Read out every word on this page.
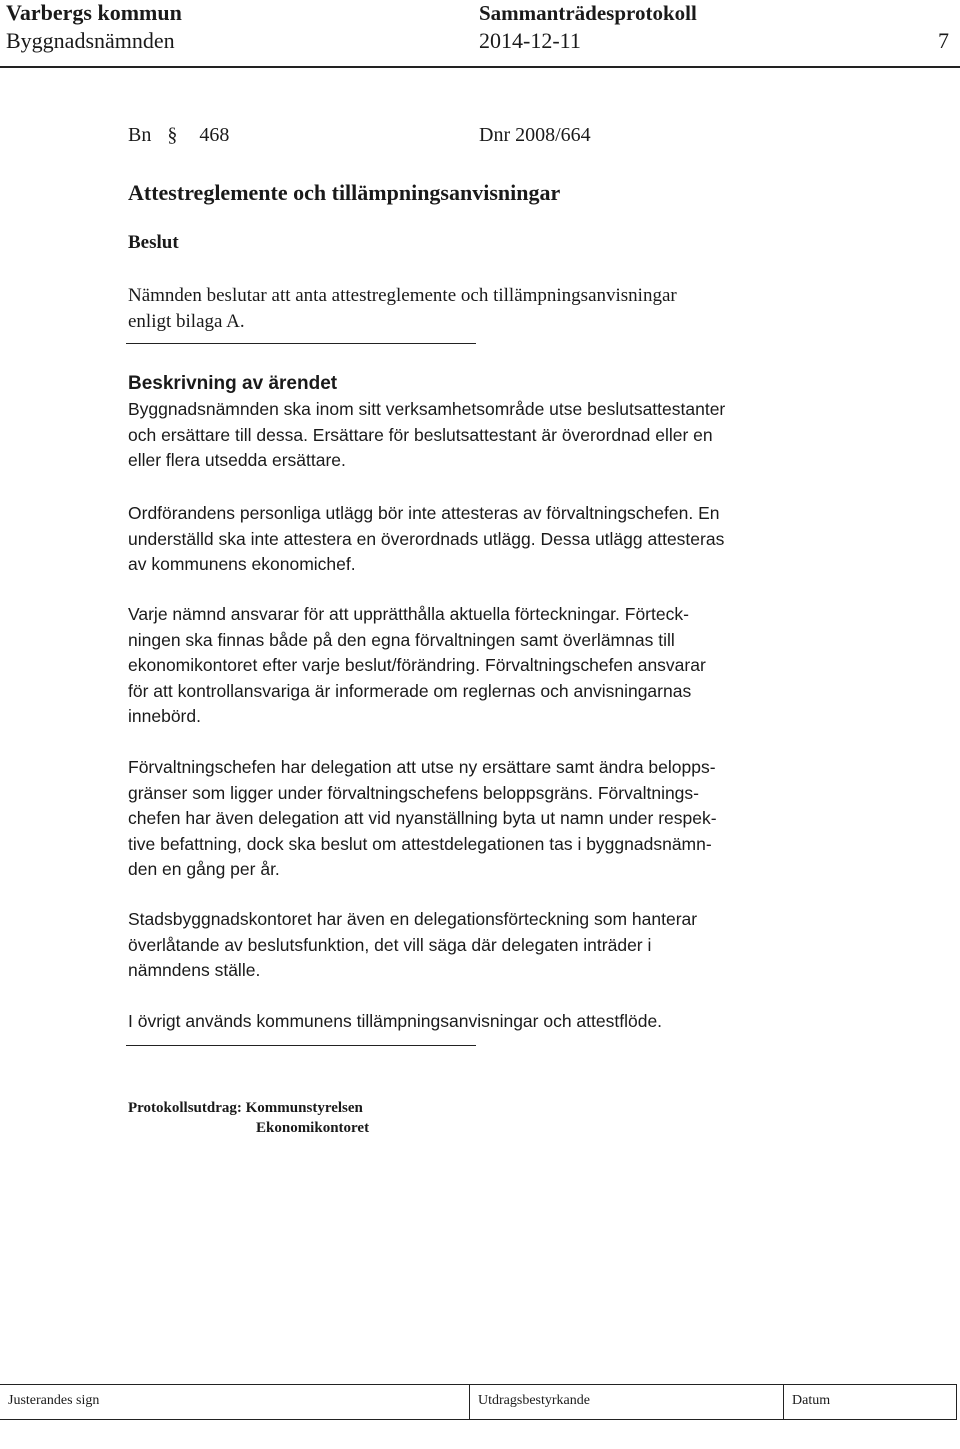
Varbergs kommun	Sammanträdesprotokoll
Byggnadsnämnden	2014-12-11	7
Bn § 468	Dnr 2008/664
Attestreglemente och tillämpningsanvisningar
Beslut
Nämnden beslutar att anta attestreglemente och tillämpningsanvisningar
enligt bilaga A.
Beskrivning av ärendet
Byggnadsnämnden ska inom sitt verksamhetsområde utse beslutsattestanter
och ersättare till dessa. Ersättare för beslutsattestant är överordnad eller en
eller flera utsedda ersättare.
Ordförandens personliga utlägg bör inte attesteras av förvaltningschefen. En
underställd ska inte attestera en överordnads utlägg. Dessa utlägg attesteras
av kommunens ekonomichef.
Varje nämnd ansvarar för att upprätthålla aktuella förteckningar. Förteck-
ningen ska finnas både på den egna förvaltningen samt överlämnas till
ekonomikontoret efter varje beslut/förändring. Förvaltningschefen ansvarar
för att kontrollansvariga är informerade om reglernas och anvisningarnas
innebörd.
Förvaltningschefen har delegation att utse ny ersättare samt ändra belopps-
gränser som ligger under förvaltningschefens beloppsgräns. Förvaltnings-
chefen har även delegation att vid nyanställning byta ut namn under respek-
tive befattning, dock ska beslut om attestdelegationen tas i byggnadsnämn-
den en gång per år.
Stadsbyggnadskontoret har även en delegationsförteckning som hanterar
överlåtande av beslutsfunktion, det vill säga där delegaten inträder i
nämndens ställe.
I övrigt används kommunens tillämpningsanvisningar och attestflöde.
Protokollsutdrag: Kommunstyrelsen
Ekonomikontoret
Justerandes sign	Utdragsbestyrkande	Datum
